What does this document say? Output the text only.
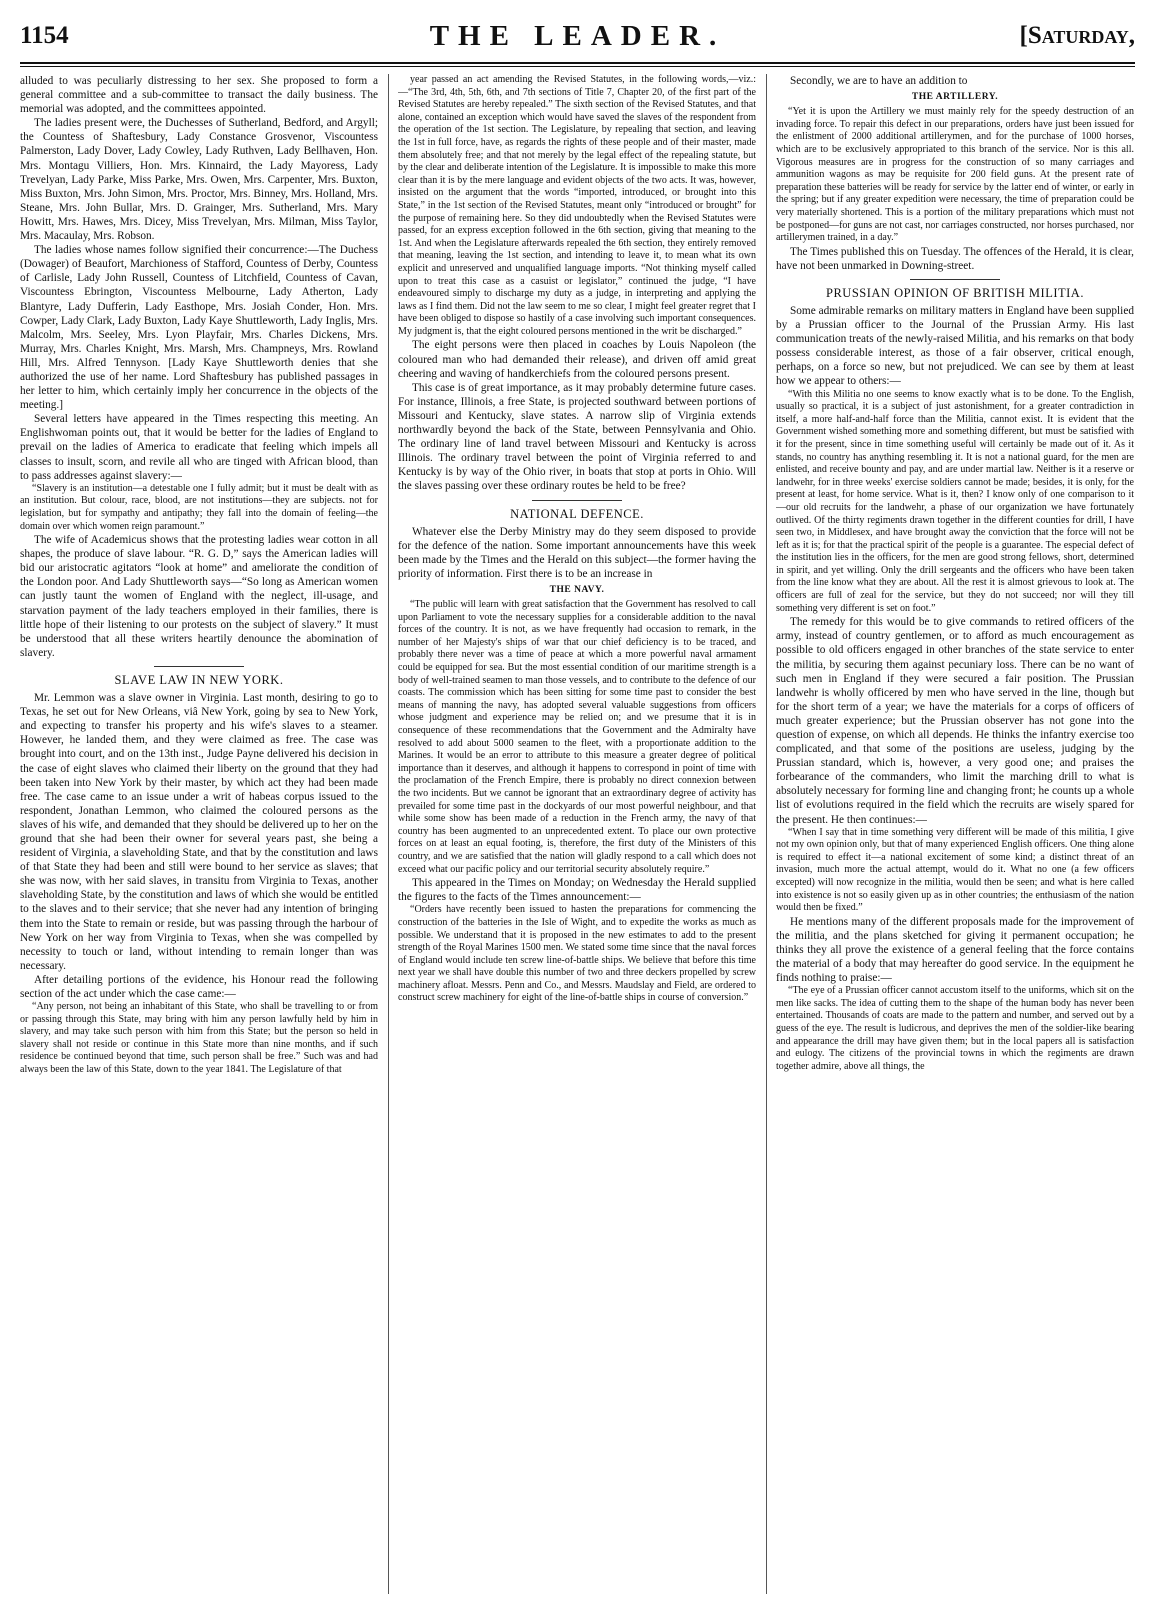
1154	THE LEADER.	[Saturday,

alluded to was peculiarly distressing to her sex. She proposed to form a general committee and a sub-committee to transact the daily business. The memorial was adopted, and the committees appointed.

The ladies present were, the Duchesses of Sutherland, Bedford, and Argyll; the Countess of Shaftesbury, Lady Constance Grosvenor, Viscountess Palmerston, Lady Dover, Lady Cowley, Lady Ruthven, Lady Bellhaven, Hon. Mrs. Montagu Villiers, Hon. Mrs. Kinnaird, the Lady Mayoress, Lady Trevelyan, Lady Parke, Miss Parke, Mrs. Owen, Mrs. Carpenter, Mrs. Buxton, Miss Buxton, Mrs. John Simon, Mrs. Proctor, Mrs. Binney, Mrs. Holland, Mrs. Steane, Mrs. John Bullar, Mrs. D. Grainger, Mrs. Sutherland, Mrs. Mary Howitt, Mrs. Hawes, Mrs. Dicey, Miss Trevelyan, Mrs. Milman, Miss Taylor, Mrs. Macaulay, Mrs. Robson.

The ladies whose names follow signified their concurrence:—The Duchess (Dowager) of Beaufort, Marchioness of Stafford, Countess of Derby, Countess of Carlisle, Lady John Russell, Countess of Litchfield, Countess of Cavan, Viscountess Ebrington, Viscountess Melbourne, Lady Atherton, Lady Blantyre, Lady Dufferin, Lady Easthope, Mrs. Josiah Conder, Hon. Mrs. Cowper, Lady Clark, Lady Buxton, Lady Kaye Shuttleworth, Lady Inglis, Mrs. Malcolm, Mrs. Seeley, Mrs. Lyon Playfair, Mrs. Charles Dickens, Mrs. Murray, Mrs. Charles Knight, Mrs. Marsh, Mrs. Champneys, Mrs. Rowland Hill, Mrs. Alfred Tennyson. [Lady Kaye Shuttleworth denies that she authorized the use of her name. Lord Shaftesbury has published passages in her letter to him, which certainly imply her concurrence in the objects of the meeting.]

Several letters have appeared in the Times respecting this meeting. An Englishwoman points out, that it would be better for the ladies of England to prevail on the ladies of America to eradicate that feeling which impels all classes to insult, scorn, and revile all who are tinged with African blood, than to pass addresses against slavery:—

“Slavery is an institution—a detestable one I fully admit; but it must be dealt with as an institution. But colour, race, blood, are not institutions—they are subjects. not for legislation, but for sympathy and antipathy; they fall into the domain of feeling—the domain over which women reign paramount.”

The wife of Academicus shows that the protesting ladies wear cotton in all shapes, the produce of slave labour. “R. G. D,” says the American ladies will bid our aristocratic agitators “look at home” and ameliorate the condition of the London poor. And Lady Shuttleworth says—“So long as American women can justly taunt the women of England with the neglect, ill-usage, and starvation payment of the lady teachers employed in their families, there is little hope of their listening to our protests on the subject of slavery.” It must be understood that all these writers heartily denounce the abomination of slavery.

SLAVE LAW IN NEW YORK.

Mr. Lemmon was a slave owner in Virginia. Last month, desiring to go to Texas, he set out for New Orleans, viâ New York, going by sea to New York, and expecting to transfer his property and his wife's slaves to a steamer. However, he landed them, and they were claimed as free. The case was brought into court, and on the 13th inst., Judge Payne delivered his decision in the case of eight slaves who claimed their liberty on the ground that they had been taken into New York by their master, by which act they had been made free. The case came to an issue under a writ of habeas corpus issued to the respondent, Jonathan Lemmon, who claimed the coloured persons as the slaves of his wife, and demanded that they should be delivered up to her on the ground that she had been their owner for several years past, she being a resident of Virginia, a slaveholding State, and that by the constitution and laws of that State they had been and still were bound to her service as slaves; that she was now, with her said slaves, in transitu from Virginia to Texas, another slaveholding State, by the constitution and laws of which she would be entitled to the slaves and to their service; that she never had any intention of bringing them into the State to remain or reside, but was passing through the harbour of New York on her way from Virginia to Texas, when she was compelled by necessity to touch or land, without intending to remain longer than was necessary.

After detailing portions of the evidence, his Honour read the following section of the act under which the case came:—

“Any person, not being an inhabitant of this State, who shall be travelling to or from or passing through this State, may bring with him any person lawfully held by him in slavery, and may take such person with him from this State; but the person so held in slavery shall not reside or continue in this State more than nine months, and if such residence be continued beyond that time, such person shall be free.” Such was and had always been the law of this State, down to the year 1841. The Legislature of that

year passed an act amending the Revised Statutes, in the following words,—viz.:—“The 3rd, 4th, 5th, 6th, and 7th sections of Title 7, Chapter 20, of the first part of the Revised Statutes are hereby repealed.” The sixth section of the Revised Statutes, and that alone, contained an exception which would have saved the slaves of the respondent from the operation of the 1st section. The Legislature, by repealing that section, and leaving the 1st in full force, have, as regards the rights of these people and of their master, made them absolutely free; and that not merely by the legal effect of the repealing statute, but by the clear and deliberate intention of the Legislature. It is impossible to make this more clear than it is by the mere language and evident objects of the two acts. It was, however, insisted on the argument that the words “imported, introduced, or brought into this State,” in the 1st section of the Revised Statutes, meant only “introduced or brought” for the purpose of remaining here. So they did undoubtedly when the Revised Statutes were passed, for an express exception followed in the 6th section, giving that meaning to the 1st. And when the Legislature afterwards repealed the 6th section, they entirely removed that meaning, leaving the 1st section, and intending to leave it, to mean what its own explicit and unreserved and unqualified language imports. “Not thinking myself called upon to treat this case as a casuist or legislator,” continued the judge, “I have endeavoured simply to discharge my duty as a judge, in interpreting and applying the laws as I find them. Did not the law seem to me so clear, I might feel greater regret that I have been obliged to dispose so hastily of a case involving such important consequences. My judgment is, that the eight coloured persons mentioned in the writ be discharged.”

The eight persons were then placed in coaches by Louis Napoleon (the coloured man who had demanded their release), and driven off amid great cheering and waving of handkerchiefs from the coloured persons present.

This case is of great importance, as it may probably determine future cases. For instance, Illinois, a free State, is projected southward between portions of Missouri and Kentucky, slave states. A narrow slip of Virginia extends northwardly beyond the back of the State, between Pennsylvania and Ohio. The ordinary line of land travel between Missouri and Kentucky is across Illinois. The ordinary travel between the point of Virginia referred to and Kentucky is by way of the Ohio river, in boats that stop at ports in Ohio. Will the slaves passing over these ordinary routes be held to be free?

NATIONAL DEFENCE.

Whatever else the Derby Ministry may do they seem disposed to provide for the defence of the nation. Some important announcements have this week been made by the Times and the Herald on this subject—the former having the priority of information. First there is to be an increase in

THE NAVY.

“The public will learn with great satisfaction that the Government has resolved to call upon Parliament to vote the necessary supplies for a considerable addition to the naval forces of the country. It is not, as we have frequently had occasion to remark, in the number of her Majesty's ships of war that our chief deficiency is to be traced, and probably there never was a time of peace at which a more powerful naval armament could be equipped for sea. But the most essential condition of our maritime strength is a body of well-trained seamen to man those vessels, and to contribute to the defence of our coasts. The commission which has been sitting for some time past to consider the best means of manning the navy, has adopted several valuable suggestions from officers whose judgment and experience may be relied on; and we presume that it is in consequence of these recommendations that the Government and the Admiralty have resolved to add about 5000 seamen to the fleet, with a proportionate addition to the Marines. It would be an error to attribute to this measure a greater degree of political importance than it deserves, and although it happens to correspond in point of time with the proclamation of the French Empire, there is probably no direct connexion between the two incidents. But we cannot be ignorant that an extraordinary degree of activity has prevailed for some time past in the dockyards of our most powerful neighbour, and that while some show has been made of a reduction in the French army, the navy of that country has been augmented to an unprecedented extent. To place our own protective forces on at least an equal footing, is, therefore, the first duty of the Ministers of this country, and we are satisfied that the nation will gladly respond to a call which does not exceed what our pacific policy and our territorial security absolutely require.”

This appeared in the Times on Monday; on Wednesday the Herald supplied the figures to the facts of the Times announcement:—

“Orders have recently been issued to hasten the preparations for commencing the construction of the batteries in the Isle of Wight, and to expedite the works as much as possible. We understand that it is proposed in the new estimates to add to the present strength of the Royal Marines 1500 men. We stated some time since that the naval forces of England would include ten screw line-of-battle ships. We believe that before this time next year we shall have double this number of two and three deckers propelled by screw machinery afloat. Messrs. Penn and Co., and Messrs. Maudslay and Field, are ordered to construct screw machinery for eight of the line-of-battle ships in course of conversion.”

Secondly, we are to have an addition to

THE ARTILLERY.

“Yet it is upon the Artillery we must mainly rely for the speedy destruction of an invading force. To repair this defect in our preparations, orders have just been issued for the enlistment of 2000 additional artillerymen, and for the purchase of 1000 horses, which are to be exclusively appropriated to this branch of the service. Nor is this all. Vigorous measures are in progress for the construction of so many carriages and ammunition wagons as may be requisite for 200 field guns. At the present rate of preparation these batteries will be ready for service by the latter end of winter, or early in the spring; but if any greater expedition were necessary, the time of preparation could be very materially shortened. This is a portion of the military preparations which must not be postponed—for guns are not cast, nor carriages constructed, nor horses purchased, nor artillerymen trained, in a day.”

The Times published this on Tuesday. The offences of the Herald, it is clear, have not been unmarked in Downing-street.

PRUSSIAN OPINION OF BRITISH MILITIA.

Some admirable remarks on military matters in England have been supplied by a Prussian officer to the Journal of the Prussian Army. His last communication treats of the newly-raised Militia, and his remarks on that body possess considerable interest, as those of a fair observer, critical enough, perhaps, on a force so new, but not prejudiced. We can see by them at least how we appear to others:—

“With this Militia no one seems to know exactly what is to be done. To the English, usually so practical, it is a subject of just astonishment, for a greater contradiction in itself, a more half-and-half force than the Militia, cannot exist. It is evident that the Government wished something more and something different, but must be satisfied with it for the present, since in time something useful will certainly be made out of it. As it stands, no country has anything resembling it. It is not a national guard, for the men are enlisted, and receive bounty and pay, and are under martial law. Neither is it a reserve or landwehr, for in three weeks' exercise soldiers cannot be made; besides, it is only, for the present at least, for home service. What is it, then? I know only of one comparison to it—our old recruits for the landwehr, a phase of our organization we have fortunately outlived. Of the thirty regiments drawn together in the different counties for drill, I have seen two, in Middlesex, and have brought away the conviction that the force will not be left as it is; for that the practical spirit of the people is a guarantee. The especial defect of the institution lies in the officers, for the men are good strong fellows, short, determined in spirit, and yet willing. Only the drill sergeants and the officers who have been taken from the line know what they are about. All the rest it is almost grievous to look at. The officers are full of zeal for the service, but they do not succeed; nor will they till something very different is set on foot.”

The remedy for this would be to give commands to retired officers of the army, instead of country gentlemen, or to afford as much encouragement as possible to old officers engaged in other branches of the state service to enter the militia, by securing them against pecuniary loss. There can be no want of such men in England if they were secured a fair position. The Prussian landwehr is wholly officered by men who have served in the line, though but for the short term of a year; we have the materials for a corps of officers of much greater experience; but the Prussian observer has not gone into the question of expense, on which all depends. He thinks the infantry exercise too complicated, and that some of the positions are useless, judging by the Prussian standard, which is, however, a very good one; and praises the forbearance of the commanders, who limit the marching drill to what is absolutely necessary for forming line and changing front; he counts up a whole list of evolutions required in the field which the recruits are wisely spared for the present. He then continues:—

“When I say that in time something very different will be made of this militia, I give not my own opinion only, but that of many experienced English officers. One thing alone is required to effect it—a national excitement of some kind; a distinct threat of an invasion, much more the actual attempt, would do it. What no one (a few officers excepted) will now recognize in the militia, would then be seen; and what is here called into existence is not so easily given up as in other countries; the enthusiasm of the nation would then be fixed.”

He mentions many of the different proposals made for the improvement of the militia, and the plans sketched for giving it permanent occupation; he thinks they all prove the existence of a general feeling that the force contains the material of a body that may hereafter do good service. In the equipment he finds nothing to praise:—

“The eye of a Prussian officer cannot accustom itself to the uniforms, which sit on the men like sacks. The idea of cutting them to the shape of the human body has never been entertained. Thousands of coats are made to the pattern and number, and served out by a guess of the eye. The result is ludicrous, and deprives the men of the soldier-like bearing and appearance the drill may have given them; but in the local papers all is satisfaction and eulogy. The citizens of the provincial towns in which the regiments are drawn together admire, above all things, the
